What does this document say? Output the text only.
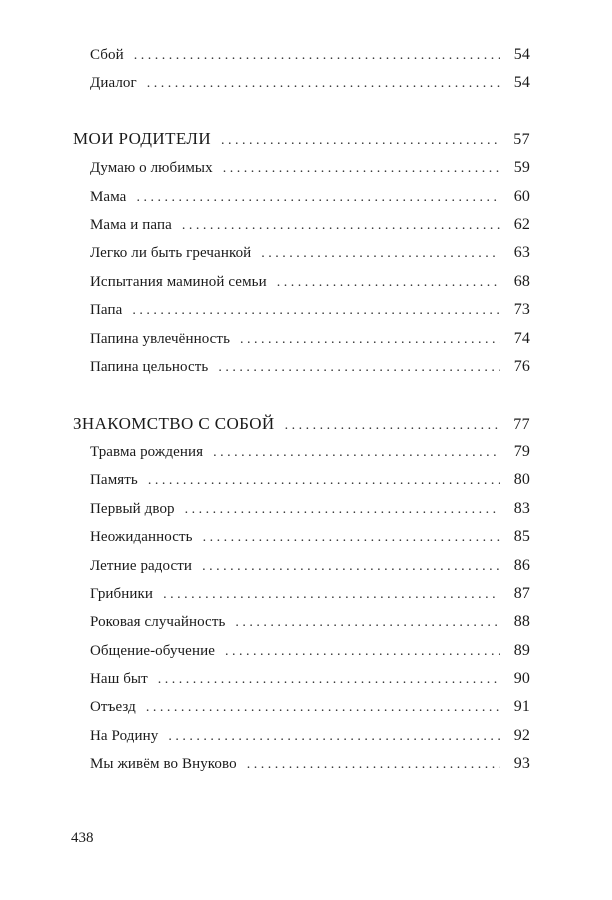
Сбой . . .	54
Диалог . . .	54
МОИ РОДИТЕЛИ . . .	57
Думаю о любимых . . .	59
Мама . . .	60
Мама и папа . . .	62
Легко ли быть гречанкой . . .	63
Испытания маминой семьи . . .	68
Папа . . .	73
Папина увлечённость . . .	74
Папина цельность . . .	76
ЗНАКОМСТВО С СОБОЙ . . .	77
Травма рождения . . .	79
Память . . .	80
Первый двор . . .	83
Неожиданность . . .	85
Летние радости . . .	86
Грибники . . .	87
Роковая случайность . . .	88
Общение-обучение . . .	89
Наш быт . . .	90
Отъезд . . .	91
На Родину . . .	92
Мы живём во Внуково . . .	93
438
